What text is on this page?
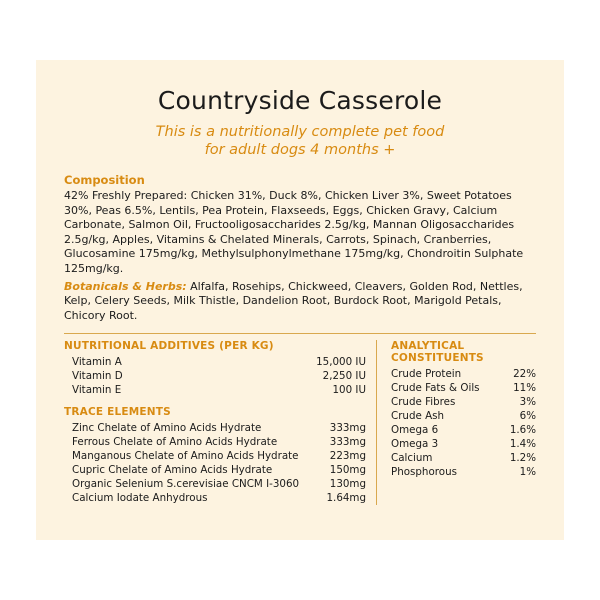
Countryside Casserole
This is a nutritionally complete pet food
for adult dogs 4 months +
Composition
42% Freshly Prepared: Chicken 31%, Duck 8%, Chicken Liver 3%, Sweet Potatoes 30%, Peas 6.5%, Lentils, Pea Protein, Flaxseeds, Eggs, Chicken Gravy, Calcium Carbonate, Salmon Oil, Fructooligosaccharides 2.5g/kg, Mannan Oligosaccharides 2.5g/kg, Apples, Vitamins & Chelated Minerals, Carrots, Spinach, Cranberries, Glucosamine 175mg/kg, Methylsulphonylmethane 175mg/kg, Chondroitin Sulphate 125mg/kg.
Botanicals & Herbs: Alfalfa, Rosehips, Chickweed, Cleavers, Golden Rod, Nettles, Kelp, Celery Seeds, Milk Thistle, Dandelion Root, Burdock Root, Marigold Petals, Chicory Root.
NUTRITIONAL ADDITIVES (PER KG)
Vitamin A	15,000 IU
Vitamin D	2,250 IU
Vitamin E	100 IU
TRACE ELEMENTS
Zinc Chelate of Amino Acids Hydrate	333mg
Ferrous Chelate of Amino Acids Hydrate	333mg
Manganous Chelate of Amino Acids Hydrate	223mg
Cupric Chelate of Amino Acids Hydrate	150mg
Organic Selenium S.cerevisiae CNCM I-3060	130mg
Calcium Iodate Anhydrous	1.64mg
ANALYTICAL
CONSTITUENTS
Crude Protein	22%
Crude Fats & Oils	11%
Crude Fibres	3%
Crude Ash	6%
Omega 6	1.6%
Omega 3	1.4%
Calcium	1.2%
Phosphorous	1%
